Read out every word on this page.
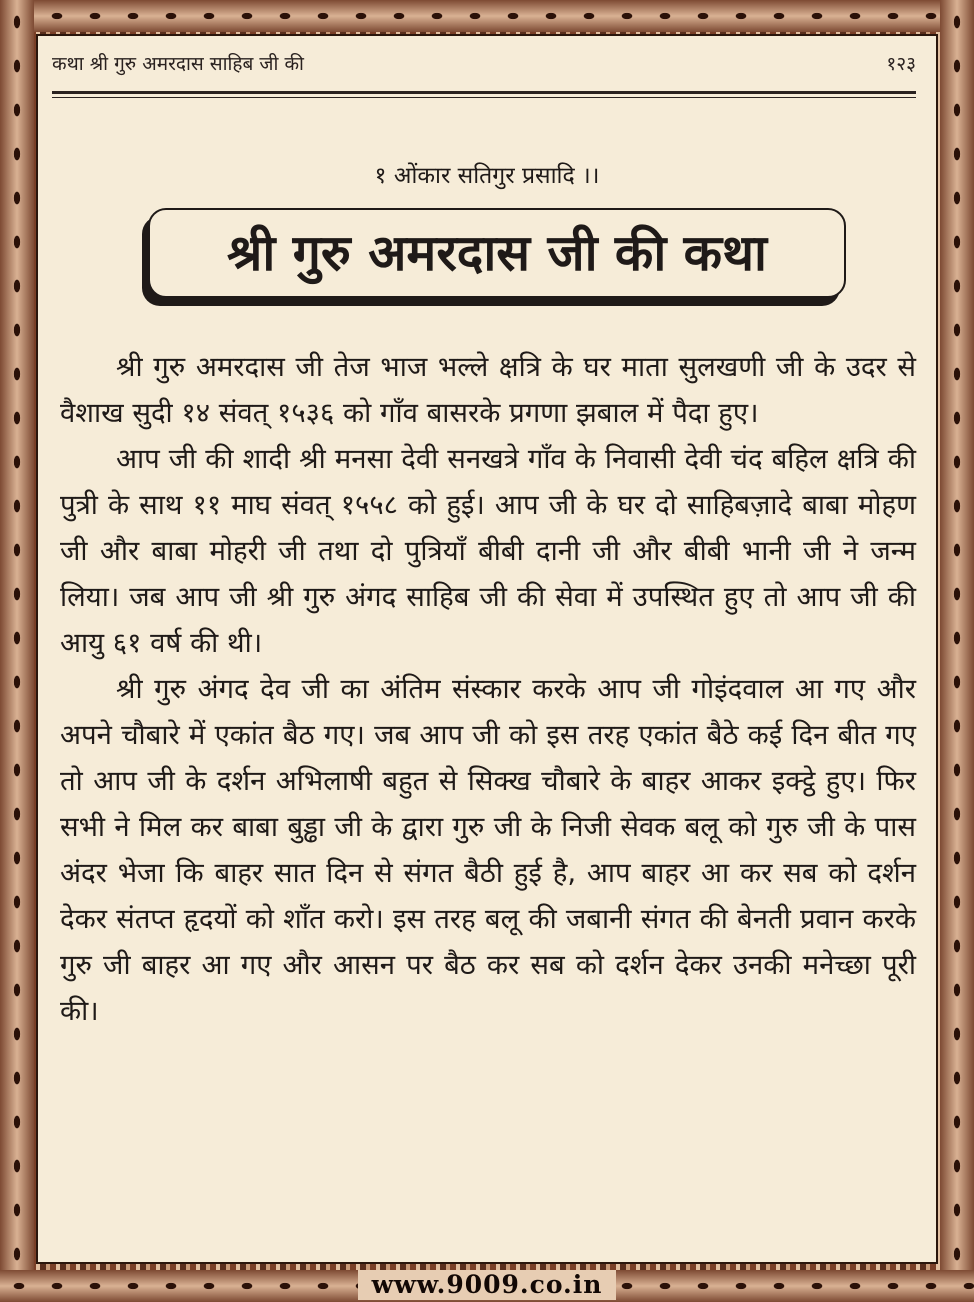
कथा श्री गुरु अमरदास साहिब जी की	१२३
१ ओंकार सतिगुर प्रसादि ।।
श्री गुरु अमरदास जी की कथा

श्री गुरु अमरदास जी तेज भाज भल्ले क्षत्रि के घर माता सुलखणी जी के उदर से वैशाख सुदी १४ संवत् १५३६ को गाँव बासरके प्रगणा झबाल में पैदा हुए।

आप जी की शादी श्री मनसा देवी सनखत्रे गाँव के निवासी देवी चंद बहिल क्षत्रि की पुत्री के साथ ११ माघ संवत् १५५८ को हुई। आप जी के घर दो साहिबज़ादे बाबा मोहण जी और बाबा मोहरी जी तथा दो पुत्रियाँ बीबी दानी जी और बीबी भानी जी ने जन्म लिया। जब आप जी श्री गुरु अंगद साहिब जी की सेवा में उपस्थित हुए तो आप जी की आयु ६१ वर्ष की थी।

श्री गुरु अंगद देव जी का अंतिम संस्कार करके आप जी गोइंदवाल आ गए और अपने चौबारे में एकांत बैठ गए। जब आप जी को इस तरह एकांत बैठे कई दिन बीत गए तो आप जी के दर्शन अभिलाषी बहुत से सिक्ख चौबारे के बाहर आकर इक्ट्ठे हुए। फिर सभी ने मिल कर बाबा बुड्ढा जी के द्वारा गुरु जी के निजी सेवक बलू को गुरु जी के पास अंदर भेजा कि बाहर सात दिन से संगत बैठी हुई है, आप बाहर आ कर सब को दर्शन देकर संतप्त हृदयों को शाँत करो। इस तरह बलू की जबानी संगत की बेनती प्रवान करके गुरु जी बाहर आ गए और आसन पर बैठ कर सब को दर्शन देकर उनकी मनेच्छा पूरी की।

www.9009.co.in
